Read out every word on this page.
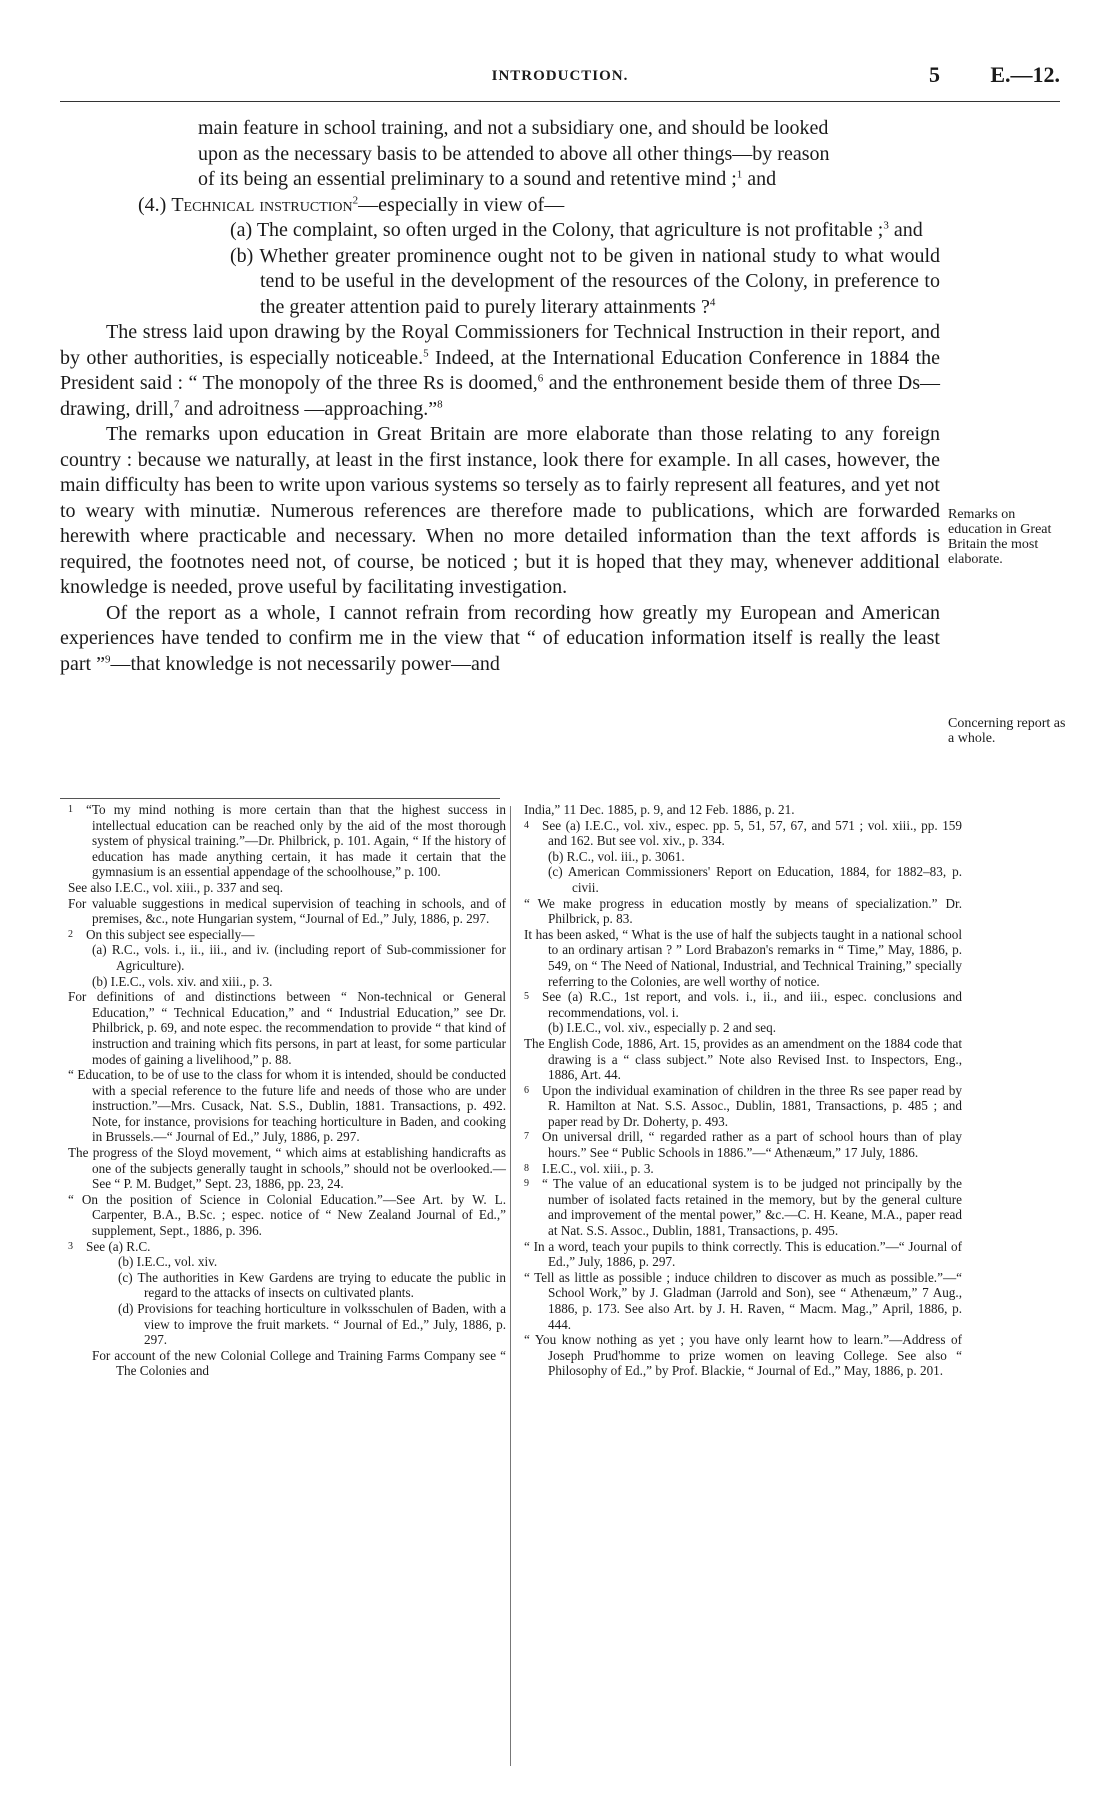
INTRODUCTION.	5 E.—12.

main feature in school training, and not a subsidiary one, and should be looked

upon as the necessary basis to be attended to above all other things—by reason

of its being an essential preliminary to a sound and retentive mind ;$^1$ and

(4.) Technical instruction$^2$—especially in view of—

(a) The complaint, so often urged in the Colony, that agriculture is not profitable ;$^3$ and

(b) Whether greater prominence ought not to be given in national study to what would tend to be useful in the development of the resources of the Colony, in preference to the greater attention paid to purely literary attainments ?$^4$

The stress laid upon drawing by the Royal Commissioners for Technical Instruction in their report, and by other authorities, is especially noticeable.$^5$ Indeed, at the International Education Conference in 1884 the President said : “ The monopoly of the three Rs is doomed,$^6$ and the enthronement beside them of three Ds—drawing, drill,$^7$ and adroitness —approaching.”$^8$

The remarks upon education in Great Britain are more elaborate than those relating to any foreign country : because we naturally, at least in the first instance, look there for example. In all cases, however, the main difficulty has been to write upon various systems so tersely as to fairly represent all features, and yet not to weary with minutiæ. Numerous references are therefore made to publications, which are forwarded herewith where practicable and necessary. When no more detailed information than the text affords is required, the footnotes need not, of course, be noticed ; but it is hoped that they may, whenever additional knowledge is needed, prove useful by facilitating investigation.

Of the report as a whole, I cannot refrain from recording how greatly my European and American experiences have tended to confirm me in the view that “ of education information itself is really the least part ”$^9$—that knowledge is not necessarily power—and

Remarks on education in Great Britain the most elaborate.
Concerning report as a whole.

1 “To my mind nothing is more certain than that the highest success in intellectual education can be reached only by the aid of the most thorough system of physical training.”—Dr. Philbrick, p. 101. Again, “ If the history of education has made anything certain, it has made it certain that the gymnasium is an essential appendage of the schoolhouse,” p. 100.

See also I.E.C., vol. xiii., p. 337 and seq.

For valuable suggestions in medical supervision of teaching in schools, and of premises, &c., note Hungarian system, “Journal of Ed.,” July, 1886, p. 297.

2 On this subject see especially—

(a) R.C., vols. i., ii., iii., and iv. (including report of Sub-commissioner for Agriculture).

(b) I.E.C., vols. xiv. and xiii., p. 3.

For definitions of and distinctions between “ Non-technical or General Education,” “ Technical Education,” and “ Industrial Education,” see Dr. Philbrick, p. 69, and note espec. the recommendation to provide “ that kind of instruction and training which fits persons, in part at least, for some particular modes of gaining a livelihood,” p. 88.

“ Education, to be of use to the class for whom it is intended, should be conducted with a special reference to the future life and needs of those who are under instruction.”—Mrs. Cusack, Nat. S.S., Dublin, 1881. Transactions, p. 492. Note, for instance, provisions for teaching horticulture in Baden, and cooking in Brussels.—“ Journal of Ed.,” July, 1886, p. 297.

The progress of the Sloyd movement, “ which aims at establishing handicrafts as one of the subjects generally taught in schools,” should not be overlooked.—See “ P. M. Budget,” Sept. 23, 1886, pp. 23, 24.

“ On the position of Science in Colonial Education.”—See Art. by W. L. Carpenter, B.A., B.Sc. ; espec. notice of “ New Zealand Journal of Ed.,” supplement, Sept., 1886, p. 396.

3 See (a) R.C.

(b) I.E.C., vol. xiv.

(c) The authorities in Kew Gardens are trying to educate the public in regard to the attacks of insects on cultivated plants.

(d) Provisions for teaching horticulture in volksschulen of Baden, with a view to improve the fruit markets. “ Journal of Ed.,” July, 1886, p. 297.

For account of the new Colonial College and Training Farms Company see “ The Colonies and

India,” 11 Dec. 1885, p. 9, and 12 Feb. 1886, p. 21.

4 See (a) I.E.C., vol. xiv., espec. pp. 5, 51, 57, 67, and 571 ; vol. xiii., pp. 159 and 162. But see vol. xiv., p. 334.

(b) R.C., vol. iii., p. 3061.

(c) American Commissioners' Report on Education, 1884, for 1882–83, p. civii.

“ We make progress in education mostly by means of specialization.” Dr. Philbrick, p. 83.

It has been asked, “ What is the use of half the subjects taught in a national school to an ordinary artisan ? ” Lord Brabazon's remarks in “ Time,” May, 1886, p. 549, on “ The Need of National, Industrial, and Technical Training,” specially referring to the Colonies, are well worthy of notice.

5 See (a) R.C., 1st report, and vols. i., ii., and iii., espec. conclusions and recommendations, vol. i.

(b) I.E.C., vol. xiv., especially p. 2 and seq.

The English Code, 1886, Art. 15, provides as an amendment on the 1884 code that drawing is a “ class subject.” Note also Revised Inst. to Inspectors, Eng., 1886, Art. 44.

6 Upon the individual examination of children in the three Rs see paper read by R. Hamilton at Nat. S.S. Assoc., Dublin, 1881, Transactions, p. 485 ; and paper read by Dr. Doherty, p. 493.

7 On universal drill, “ regarded rather as a part of school hours than of play hours.” See “ Public Schools in 1886.”—“ Athenæum,” 17 July, 1886.

8 I.E.C., vol. xiii., p. 3.

9 “ The value of an educational system is to be judged not principally by the number of isolated facts retained in the memory, but by the general culture and improvement of the mental power,” &c.—C. H. Keane, M.A., paper read at Nat. S.S. Assoc., Dublin, 1881, Transactions, p. 495.

“ In a word, teach your pupils to think correctly. This is education.”—“ Journal of Ed.,” July, 1886, p. 297.

“ Tell as little as possible ; induce children to discover as much as possible.”—“ School Work,” by J. Gladman (Jarrold and Son), see “ Athenæum,” 7 Aug., 1886, p. 173. See also Art. by J. H. Raven, “ Macm. Mag.,” April, 1886, p. 444.

“ You know nothing as yet ; you have only learnt how to learn.”—Address of Joseph Prud'homme to prize women on leaving College. See also “ Philosophy of Ed.,” by Prof. Blackie, “ Journal of Ed.,” May, 1886, p. 201.
